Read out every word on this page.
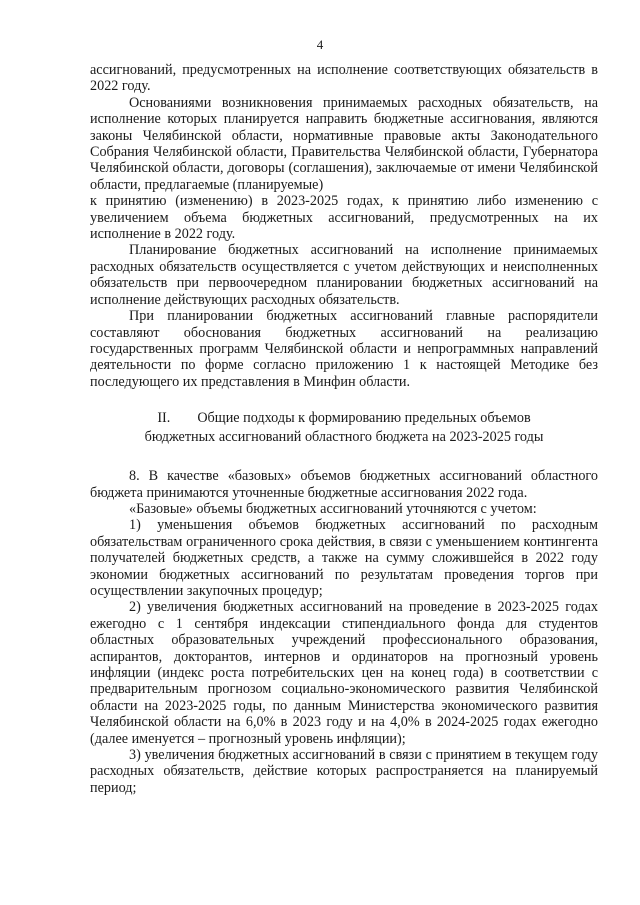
4

ассигнований, предусмотренных на исполнение соответствующих обязательств в 2022 году.

Основаниями возникновения принимаемых расходных обязательств, на исполнение которых планируется направить бюджетные ассигнования, являются законы Челябинской области, нормативные правовые акты Законодательного Собрания Челябинской области, Правительства Челябинской области, Губернатора Челябинской области, договоры (соглашения), заключаемые от имени Челябинской области, предлагаемые (планируемые)

к принятию (изменению) в 2023-2025 годах, к принятию либо изменению с увеличением объема бюджетных ассигнований, предусмотренных на их исполнение в 2022 году.

Планирование бюджетных ассигнований на исполнение принимаемых расходных обязательств осуществляется с учетом действующих и неисполненных обязательств при первоочередном планировании бюджетных ассигнований на исполнение действующих расходных обязательств.

При планировании бюджетных ассигнований главные распорядители составляют обоснования бюджетных ассигнований на реализацию государственных программ Челябинской области и непрограммных направлений деятельности по форме согласно приложению 1 к настоящей Методике без последующего их представления в Минфин области.

II. Общие подходы к формированию предельных объемов
бюджетных ассигнований областного бюджета на 2023-2025 годы

8. В качестве «базовых» объемов бюджетных ассигнований областного бюджета принимаются уточненные бюджетные ассигнования 2022 года.

«Базовые» объемы бюджетных ассигнований уточняются с учетом:

1) уменьшения объемов бюджетных ассигнований по расходным обязательствам ограниченного срока действия, в связи с уменьшением контингента получателей бюджетных средств, а также на сумму сложившейся в 2022 году экономии бюджетных ассигнований по результатам проведения торгов при осуществлении закупочных процедур;

2) увеличения бюджетных ассигнований на проведение в 2023-2025 годах ежегодно с 1 сентября индексации стипендиального фонда для студентов областных образовательных учреждений профессионального образования, аспирантов, докторантов, интернов и ординаторов на прогнозный уровень инфляции (индекс роста потребительских цен на конец года) в соответствии с предварительным прогнозом социально-экономического развития Челябинской области на 2023-2025 годы, по данным Министерства экономического развития Челябинской области на 6,0% в 2023 году и на 4,0% в 2024-2025 годах ежегодно (далее именуется – прогнозный уровень инфляции);

3) увеличения бюджетных ассигнований в связи с принятием в текущем году расходных обязательств, действие которых распространяется на планируемый период;
